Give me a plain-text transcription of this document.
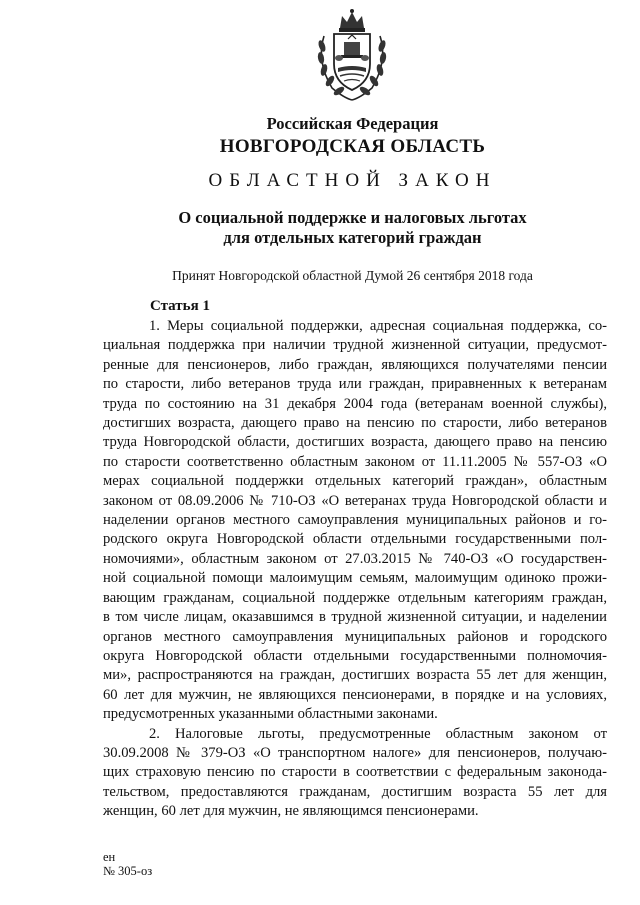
Российская Федерация
НОВГОРОДСКАЯ ОБЛАСТЬ
ОБЛАСТНОЙ ЗАКОН
О социальной поддержке и налоговых льготах
для отдельных категорий граждан
Принят Новгородской областной Думой 26 сентября 2018 года
Статья 1
1. Меры социальной поддержки, адресная социальная поддержка, со-
циальная поддержка при наличии трудной жизненной ситуации, предусмот-
ренные для пенсионеров, либо граждан, являющихся получателями пенсии
по старости, либо ветеранов труда или граждан, приравненных к ветеранам
труда по состоянию на 31 декабря 2004 года (ветеранам военной службы),
достигших возраста, дающего право на пенсию по старости, либо ветеранов
труда Новгородской области, достигших возраста, дающего право на пенсию
по старости соответственно областным законом от 11.11.2005 № 557-ОЗ «О
мерах социальной поддержки отдельных категорий граждан», областным
законом от 08.09.2006 № 710-ОЗ «О ветеранах труда Новгородской области и
наделении органов местного самоуправления муниципальных районов и го-
родского округа Новгородской области отдельными государственными пол-
номочиями», областным законом от 27.03.2015 № 740-ОЗ «О государствен-
ной социальной помощи малоимущим семьям, малоимущим одиноко прожи-
вающим гражданам, социальной поддержке отдельным категориям граждан,
в том числе лицам, оказавшимся в трудной жизненной ситуации, и наделении
органов местного самоуправления муниципальных районов и городского
округа Новгородской области отдельными государственными полномочия-
ми», распространяются на граждан, достигших возраста 55 лет для женщин,
60 лет для мужчин, не являющихся пенсионерами, в порядке и на условиях,
предусмотренных указанными областными законами.
2. Налоговые льготы, предусмотренные областным законом от
30.09.2008 № 379-ОЗ «О транспортном налоге» для пенсионеров, получаю-
щих страховую пенсию по старости в соответствии с федеральным законода-
тельством, предоставляются гражданам, достигшим возраста 55 лет для
женщин, 60 лет для мужчин, не являющимся пенсионерами.
ен
№ 305-оз
